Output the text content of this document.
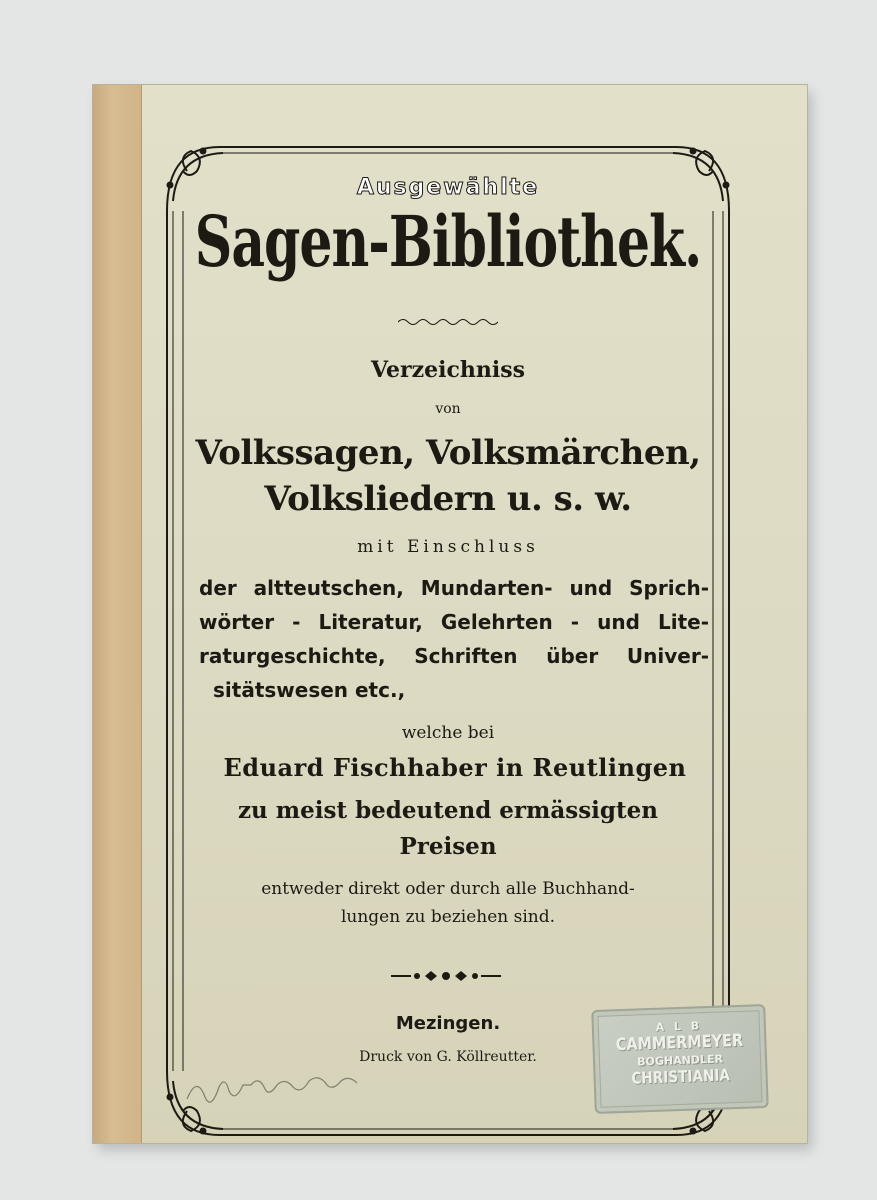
Ausgewählte
Sagen-Bibliothek.
Verzeichniss
von
Volkssagen, Volksmärchen,
Volksliedern u. s. w.
mit Einschluss
der altteutschen, Mundarten- und Sprich-
wörter - Literatur, Gelehrten - und Lite-
raturgeschichte, Schriften über Univer-
sitätswesen etc.,
welche bei
Eduard Fischhaber in Reutlingen
zu meist bedeutend ermässigten
Preisen
entweder direkt oder durch alle Buchhand-
lungen zu beziehen sind.
Mezingen.
Druck von G. Köllreutter.
A L B
CAMMERMEYER
BOGHANDLER
CHRISTIANIA
